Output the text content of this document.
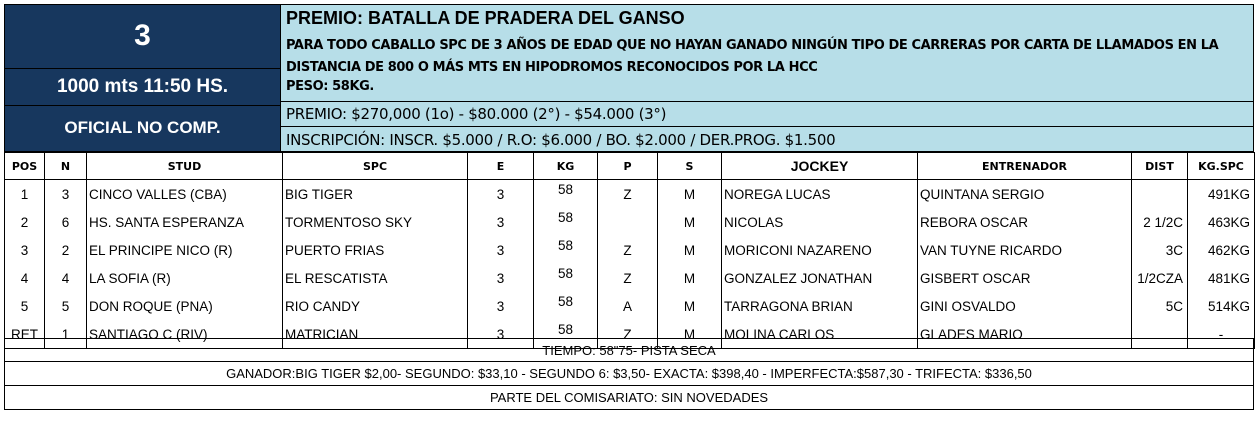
3
1000 mts 11:50 HS.
OFICIAL NO COMP.
PREMIO: BATALLA DE PRADERA DEL GANSO
PARA TODO CABALLO SPC DE 3 AÑOS DE EDAD QUE NO HAYAN GANADO NINGÚN TIPO DE CARRERAS POR CARTA DE LLAMADOS EN LA DISTANCIA DE 800 O MÁS MTS EN HIPODROMOS RECONOCIDOS POR LA HCC
PESO: 58KG.
PREMIO: $270,000 (1o) - $80.000 (2°) - $54.000 (3°)
INSCRIPCIÓN: INSCR. $5.000 / R.O: $6.000 / BO. $2.000 / DER.PROG. $1.500
POS	N	STUD	SPC	E	KG	P	S	JOCKEY	ENTRENADOR	DIST	KG.SPC
1	3	CINCO VALLES (CBA)	BIG TIGER	3	58	Z	M	NOREGA LUCAS	QUINTANA SERGIO		491KG
2	6	HS. SANTA ESPERANZA	TORMENTOSO SKY	3	58		M	NICOLAS	REBORA OSCAR	2 1/2C	463KG
3	2	EL PRINCIPE NICO (R)	PUERTO FRIAS	3	58	Z	M	MORICONI NAZARENO	VAN TUYNE RICARDO	3C	462KG
4	4	LA SOFIA (R)	EL RESCATISTA	3	58	Z	M	GONZALEZ JONATHAN	GISBERT OSCAR	1/2CZA	481KG
5	5	DON ROQUE (PNA)	RIO CANDY	3	58	A	M	TARRAGONA BRIAN	GINI OSVALDO	5C	514KG
RET	1	SANTIAGO C (RIV)	MATRICIAN	3	58	Z	M	MOLINA CARLOS	GLADES MARIO		-
TIEMPO: 58"75- PISTA SECA
GANADOR:BIG TIGER $2,00- SEGUNDO: $33,10 - SEGUNDO 6: $3,50- EXACTA: $398,40 - IMPERFECTA:$587,30 - TRIFECTA: $336,50
PARTE DEL COMISARIATO: SIN NOVEDADES
